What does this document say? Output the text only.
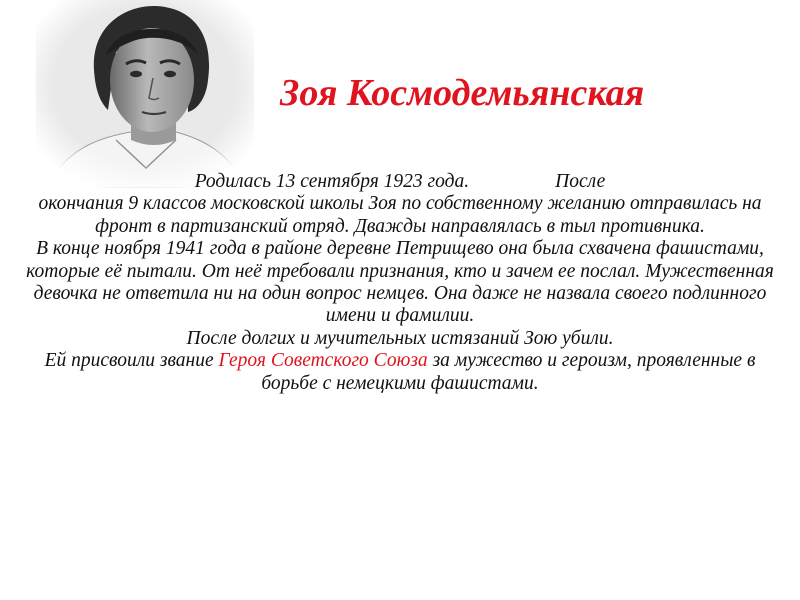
Зоя Космодемьянская

Родилась 13 сентября 1923 года.	После

окончания 9 классов московской школы Зоя по собственному желанию отправилась на фронт в партизанский отряд. Дважды направлялась в тыл противника.

В конце ноября 1941 года в районе деревне Петрищево она была схвачена фашистами, которые её пытали. От неё требовали признания, кто и зачем ее послал. Мужественная девочка не ответила ни на один вопрос немцев. Она даже не назвала своего подлинного имени и фамилии.

После долгих и мучительных истязаний Зою убили.

Ей присвоили звание Героя Советского Союза за мужество и героизм, проявленные в борьбе с немецкими фашистами.
